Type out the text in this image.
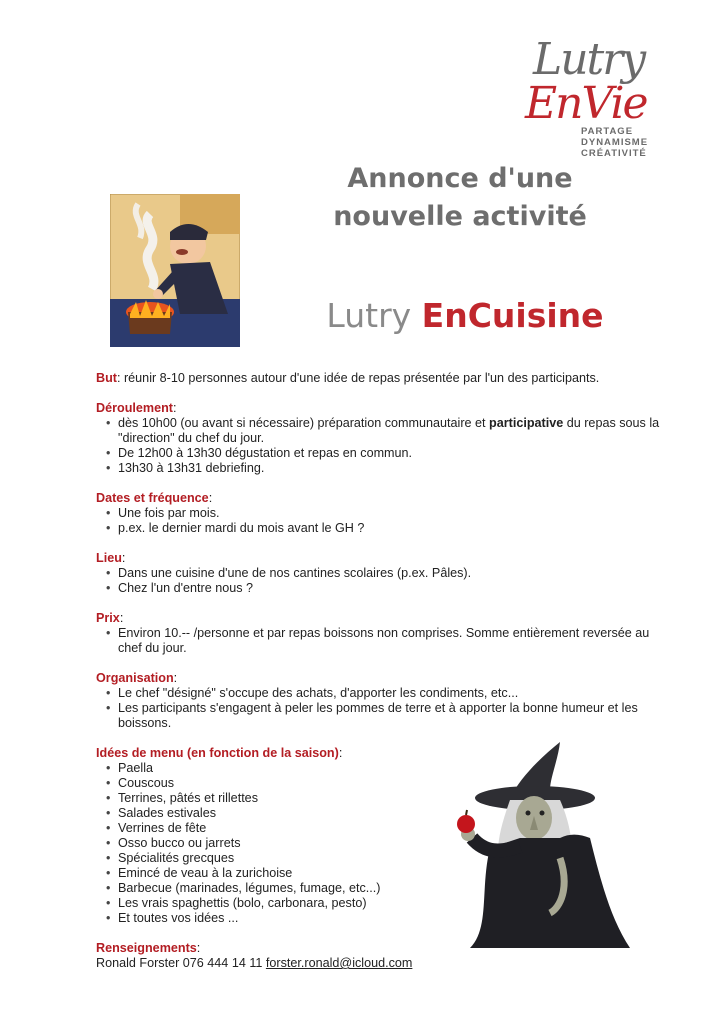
Lutry
EnVie
PARTAGE
DYNAMISME
CRÉATIVITÉ
Annonce d'une
nouvelle activité
Lutry EnCuisine

But: réunir 8-10 personnes autour d'une idée de repas présentée par l'un des participants.

Déroulement:

• dès 10h00 (ou avant si nécessaire) préparation communautaire et participative du repas sous la "direction" du chef du jour.
• De 12h00 à 13h30 dégustation et repas en commun.
• 13h30 à 13h31 debriefing.

Dates et fréquence:

• Une fois par mois.
• p.ex. le dernier mardi du mois avant le GH ?

Lieu:

• Dans une cuisine d'une de nos cantines scolaires (p.ex. Pâles).
• Chez l'un d'entre nous ?

Prix:

• Environ 10.-- /personne et par repas boissons non comprises. Somme entièrement reversée au chef du jour.

Organisation:

• Le chef "désigné" s'occupe des achats, d'apporter les condiments, etc...
• Les participants s'engagent à peler les pommes de terre et à apporter la bonne humeur et les boissons.

Idées de menu (en fonction de la saison):

• Paella
• Couscous
• Terrines, pâtés et rillettes
• Salades estivales
• Verrines de fête
• Osso bucco ou jarrets
• Spécialités grecques
• Emincé de veau à la zurichoise
• Barbecue (marinades, légumes, fumage, etc...)
• Les vrais spaghettis (bolo, carbonara, pesto)
• Et toutes vos idées ...

Renseignements:

Ronald Forster 076 444 14 11 forster.ronald@icloud.com
